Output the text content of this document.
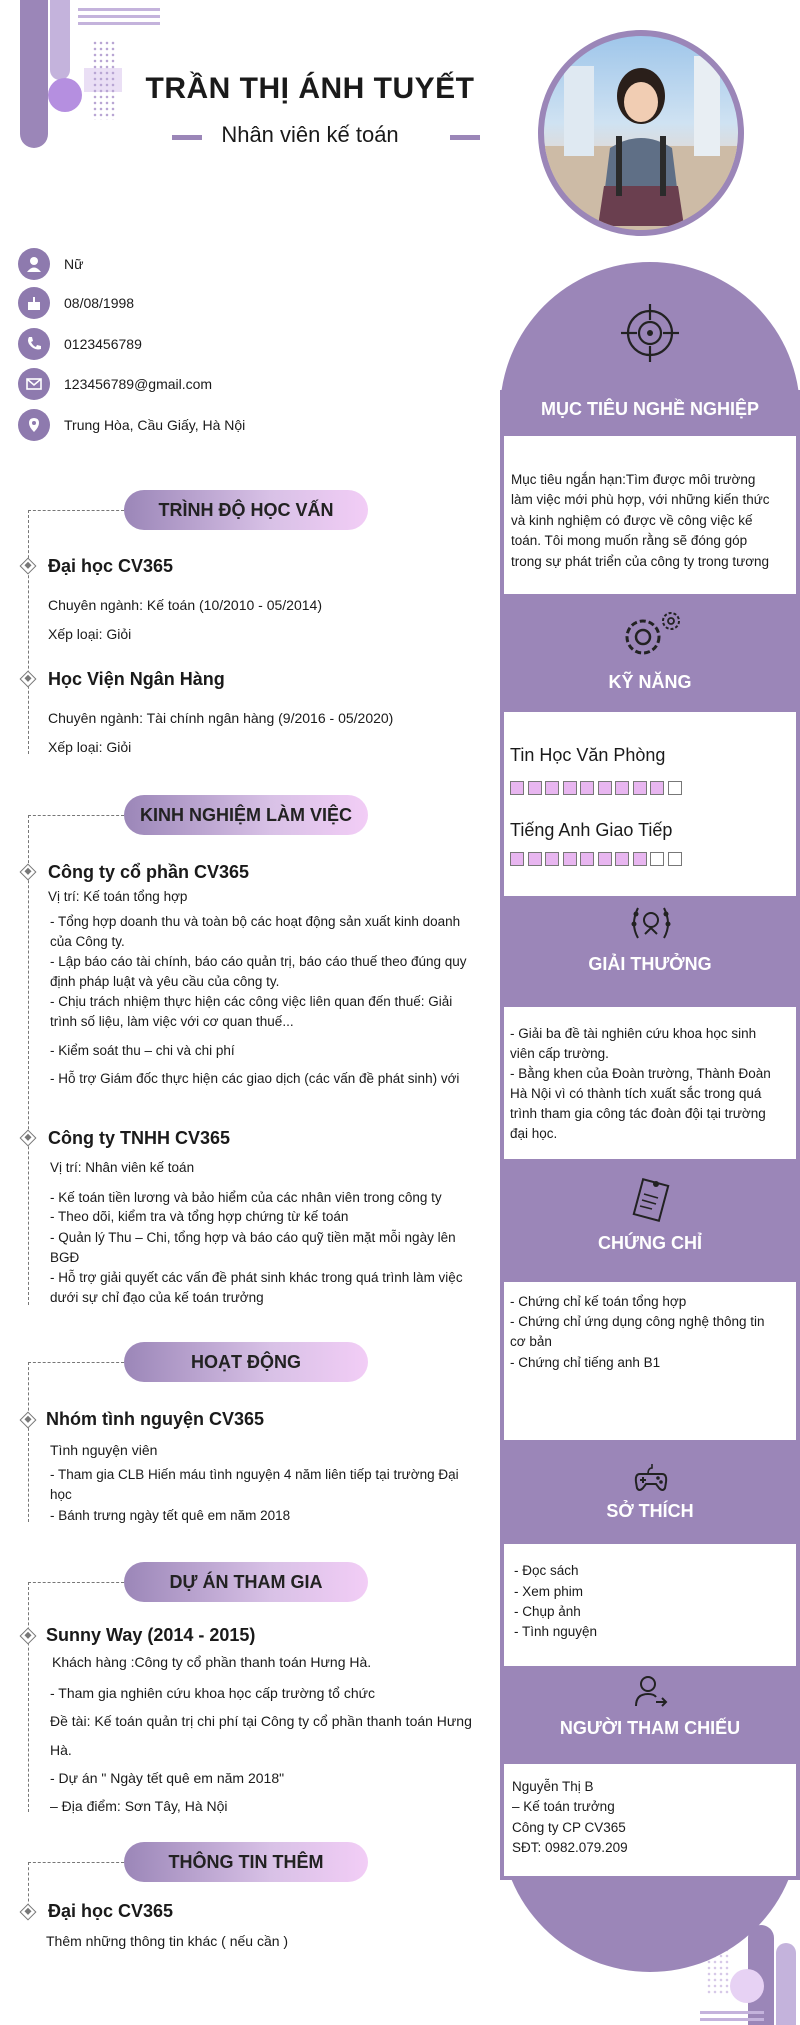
TRẦN THỊ ÁNH TUYẾT
Nhân viên kế toán
Nữ
08/08/1998
0123456789
123456789@gmail.com
Trung Hòa, Cầu Giấy, Hà Nội
TRÌNH ĐỘ HỌC VẤN
Đại học CV365
Chuyên ngành: Kế toán (10/2010 - 05/2014)
Xếp loại: Giỏi
Học Viện Ngân Hàng
Chuyên ngành: Tài chính ngân hàng (9/2016 - 05/2020)
Xếp loại: Giỏi
KINH NGHIỆM LÀM VIỆC
Công ty cổ phần CV365
Vị trí: Kế toán tổng hợp
- Tổng hợp doanh thu và toàn bộ các hoạt động sản xuất kinh doanh
của Công ty.
- Lập báo cáo tài chính, báo cáo quản trị, báo cáo thuế theo đúng quy
định pháp luật và yêu cầu của công ty.
- Chịu trách nhiệm thực hiện các công việc liên quan đến thuế: Giải
trình số liệu, làm việc với cơ quan thuế...
- Kiểm soát thu – chi và chi phí
- Hỗ trợ Giám đốc thực hiện các giao dịch (các vấn đề phát sinh) với
Công ty TNHH CV365
Vị trí: Nhân viên kế toán
- Kế toán tiền lương và bảo hiểm của các nhân viên trong công ty
- Theo dõi, kiểm tra và tổng hợp chứng từ kế toán
- Quản lý Thu – Chi, tổng hợp và báo cáo quỹ tiền mặt mỗi ngày lên
BGĐ
- Hỗ trợ giải quyết các vấn đề phát sinh khác trong quá trình làm việc
dưới sự chỉ đạo của kế toán trưởng
HOẠT ĐỘNG
Nhóm tình nguyện CV365
Tình nguyện viên
- Tham gia CLB Hiến máu tình nguyện 4 năm liên tiếp tại trường Đại
học
- Bánh trưng ngày tết quê em năm 2018
DỰ ÁN THAM GIA
Sunny Way (2014 - 2015)
Khách hàng :Công ty cổ phần thanh toán Hưng Hà.
- Tham gia nghiên cứu khoa học cấp trường tổ chức
Đề tài: Kế toán quản trị chi phí tại Công ty cổ phần thanh toán Hưng
Hà.
- Dự án " Ngày tết quê em năm 2018"
– Địa điểm: Sơn Tây, Hà Nội
THÔNG TIN THÊM
Đại học CV365
Thêm những thông tin khác ( nếu cần )
MỤC TIÊU NGHỀ NGHIỆP
Mục tiêu ngắn hạn:Tìm được môi trường
làm việc mới phù hợp, với những kiến thức
và kinh nghiệm có được về công việc kế
toán. Tôi mong muốn rằng sẽ đóng góp
trong sự phát triển của công ty trong tương
KỸ NĂNG
Tin Học Văn Phòng
Tiếng Anh Giao Tiếp
GIẢI THƯỞNG
- Giải ba đề tài nghiên cứu khoa học sinh
viên cấp trường.
- Bằng khen của Đoàn trường, Thành Đoàn
Hà Nội vì có thành tích xuất sắc trong quá
trình tham gia công tác đoàn đội tại trường
đại học.
CHỨNG CHỈ
- Chứng chỉ kế toán tổng hợp
- Chứng chỉ ứng dụng công nghệ thông tin
cơ bản
- Chứng chỉ tiếng anh B1
SỞ THÍCH
- Đọc sách
- Xem phim
- Chụp ảnh
- Tình nguyện
NGƯỜI THAM CHIẾU
Nguyễn Thị B
– Kế toán trưởng
Công ty CP CV365
SĐT: 0982.079.209
